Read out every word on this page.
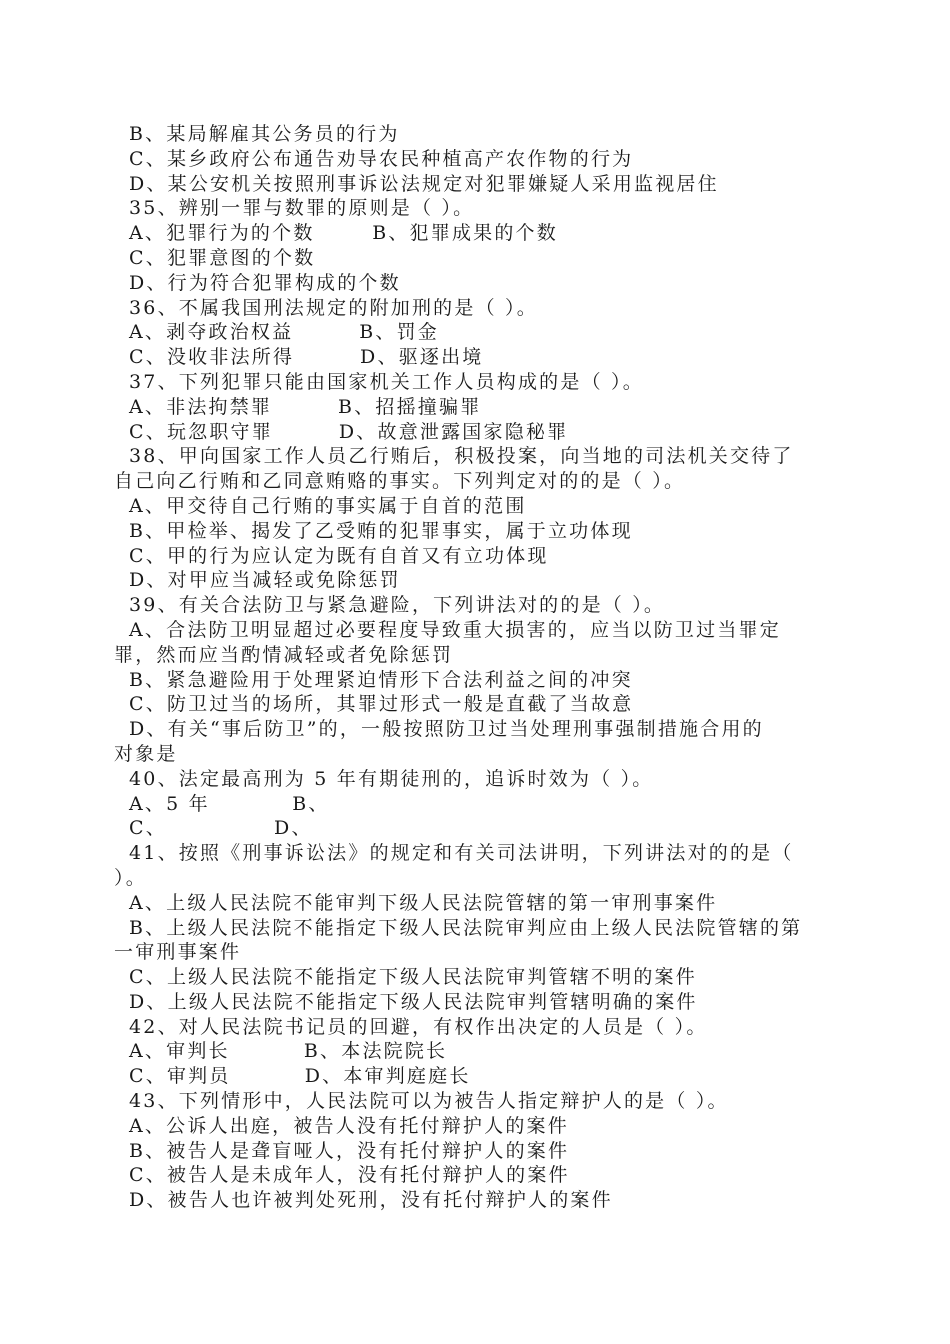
B、某局解雇其公务员的行为
C、某乡政府公布通告劝导农民种植高产农作物的行为
D、某公安机关按照刑事诉讼法规定对犯罪嫌疑人采用监视居住
35、辨别一罪与数罪的原则是（ ）。
A、犯罪行为的个数       B、犯罪成果的个数
C、犯罪意图的个数
D、行为符合犯罪构成的个数
36、不属我国刑法规定的附加刑的是（ ）。
A、剥夺政治权益        B、罚金
C、没收非法所得        D、驱逐出境
37、下列犯罪只能由国家机关工作人员构成的是（ ）。
A、非法拘禁罪        B、招摇撞骗罪
C、玩忽职守罪        D、故意泄露国家隐秘罪
38、甲向国家工作人员乙行贿后，积极投案，向当地的司法机关交待了
自己向乙行贿和乙同意贿赂的事实。下列判定对的的是（ ）。
A、甲交待自己行贿的事实属于自首的范围
B、甲检举、揭发了乙受贿的犯罪事实，属于立功体现
C、甲的行为应认定为既有自首又有立功体现
D、对甲应当减轻或免除惩罚
39、有关合法防卫与紧急避险，下列讲法对的的是（ ）。
A、合法防卫明显超过必要程度导致重大损害的，应当以防卫过当罪定
罪，然而应当酌情减轻或者免除惩罚
B、紧急避险用于处理紧迫情形下合法利益之间的冲突
C、防卫过当的场所，其罪过形式一般是直截了当故意
D、有关“事后防卫”的，一般按照防卫过当处理刑事强制措施合用的
对象是
40、法定最高刑为 5 年有期徒刑的，追诉时效为（ ）。
A、5 年          B、
C、             D、
41、按照《刑事诉讼法》的规定和有关司法讲明，下列讲法对的的是（
）。
A、上级人民法院不能审判下级人民法院管辖的第一审刑事案件
B、上级人民法院不能指定下级人民法院审判应由上级人民法院管辖的第
一审刑事案件
C、上级人民法院不能指定下级人民法院审判管辖不明的案件
D、上级人民法院不能指定下级人民法院审判管辖明确的案件
42、对人民法院书记员的回避，有权作出决定的人员是（ ）。
A、审判长         B、本法院院长
C、审判员         D、本审判庭庭长
43、下列情形中，人民法院可以为被告人指定辩护人的是（ ）。
A、公诉人出庭，被告人没有托付辩护人的案件
B、被告人是聋盲哑人，没有托付辩护人的案件
C、被告人是未成年人，没有托付辩护人的案件
D、被告人也许被判处死刑，没有托付辩护人的案件
